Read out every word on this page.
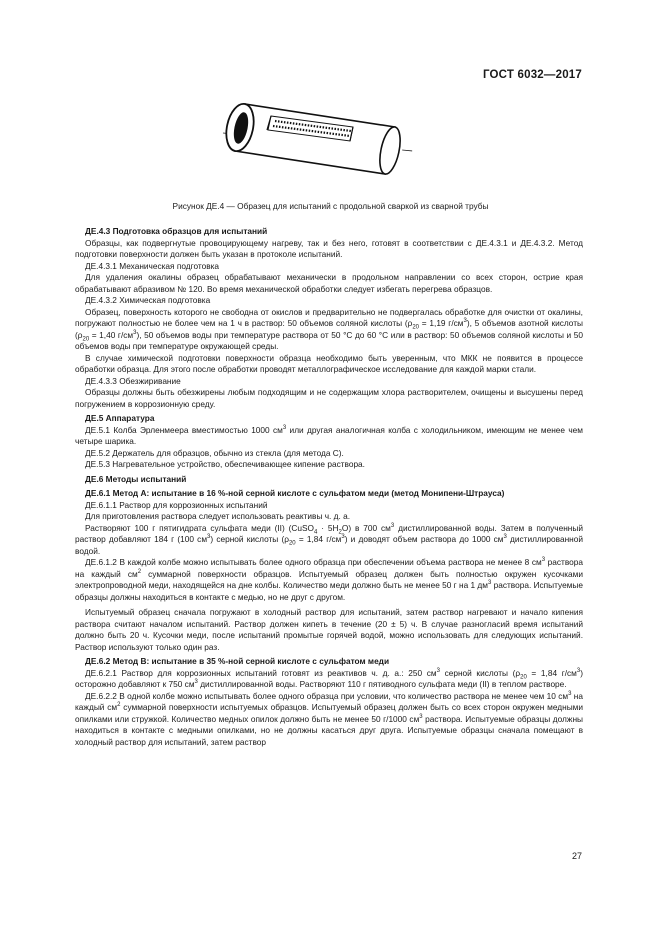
ГОСТ 6032—2017
Рисунок ДЕ.4 — Образец для испытаний с продольной сваркой из сварной трубы

ДЕ.4.3 Подготовка образцов для испытаний

Образцы, как подвергнутые провоцирующему нагреву, так и без него, готовят в соответствии с ДЕ.4.3.1 и ДЕ.4.3.2. Метод подготовки поверхности должен быть указан в протоколе испытаний.

ДЕ.4.3.1 Механическая подготовка

Для удаления окалины образец обрабатывают механически в продольном направлении со всех сторон, острие края обрабатывают абразивом № 120. Во время механической обработки следует избегать перегрева образцов.

ДЕ.4.3.2 Химическая подготовка

Образец, поверхность которого не свободна от окислов и предварительно не подвергалась обработке для очистки от окалины, погружают полностью не более чем на 1 ч в раствор: 50 объемов соляной кислоты ($\rho_{20} = 1,19$ $г/см^3$), 5 объемов азотной кислоты ($\rho_{20} = 1,40$ $г/см^3$), 50 объемов воды при температуре раствора от 50 °С до 60 °С или в раствор: 50 объемов соляной кислоты и 50 объемов воды при температуре окружающей среды.

В случае химической подготовки поверхности образца необходимо быть уверенным, что МКК не появится в процессе обработки образца. Для этого после обработки проводят металлографическое исследование для каждой марки стали.

ДЕ.4.3.3 Обезжиривание

Образцы должны быть обезжирены любым подходящим и не содержащим хлора растворителем, очищены и высушены перед погружением в коррозионную среду.

ДЕ.5 Аппаратура

ДЕ.5.1 Колба Эрленмеера вместимостью 1000 $см^3$ или другая аналогичная колба с холодильником, имеющим не менее чем четыре шарика.

ДЕ.5.2 Держатель для образцов, обычно из стекла (для метода С).

ДЕ.5.3 Нагревательное устройство, обеспечивающее кипение раствора.

ДЕ.6 Методы испытаний

ДЕ.6.1 Метод А: испытание в 16 %-ной серной кислоте с сульфатом меди (метод Монипени-Штрауса)

ДЕ.6.1.1 Раствор для коррозионных испытаний

Для приготовления раствора следует использовать реактивы ч. д. а.

Растворяют 100 г пятигидрата сульфата меди (II) (CuSO$_4$ · $5H_2O$) в 700 $см^3$ дистиллированной воды. Затем в полученный раствор добавляют 184 г (100 $см^3$) серной кислоты ($\rho_{20} = 1,84$ $г/см^3$) и доводят объем раствора до 1000 $см^3$ дистиллированной водой.

ДЕ.6.1.2 В каждой колбе можно испытывать более одного образца при обеспечении объема раствора не менее 8 $см^3$ раствора на каждый $см^2$ суммарной поверхности образцов. Испытуемый образец должен быть полностью окружен кусочками электропроводной меди, находящейся на дне колбы. Количество меди должно быть не менее 50 г на 1 $дм^3$ раствора. Испытуемые образцы должны находиться в контакте с медью, но не друг с другом.

Испытуемый образец сначала погружают в холодный раствор для испытаний, затем раствор нагревают и начало кипения раствора считают началом испытаний. Раствор должен кипеть в течение (20 ± 5) ч. В случае разногласий время испытаний должно быть 20 ч. Кусочки меди, после испытаний промытые горячей водой, можно использовать для следующих испытаний. Раствор используют только один раз.

ДЕ.6.2 Метод В: испытание в 35 %-ной серной кислоте с сульфатом меди

ДЕ.6.2.1 Раствор для коррозионных испытаний готовят из реактивов ч. д. а.: 250 $см^3$ серной кислоты ($\rho_{20} = 1,84$ $г/см^3$) осторожно добавляют к 750 $см^3$ дистиллированной воды. Растворяют 110 г пятиводного сульфата меди (II) в теплом растворе.

ДЕ.6.2.2 В одной колбе можно испытывать более одного образца при условии, что количество раствора не менее чем 10 $см^3$ на каждый $см^2$ суммарной поверхности испытуемых образцов. Испытуемый образец должен быть со всех сторон окружен медными опилками или стружкой. Количество медных опилок должно быть не менее 50 г/1000 $см^3$ раствора. Испытуемые образцы должны находиться в контакте с медными опилками, но не должны касаться друг друга. Испытуемые образцы сначала помещают в холодный раствор для испытаний, затем раствор

27
